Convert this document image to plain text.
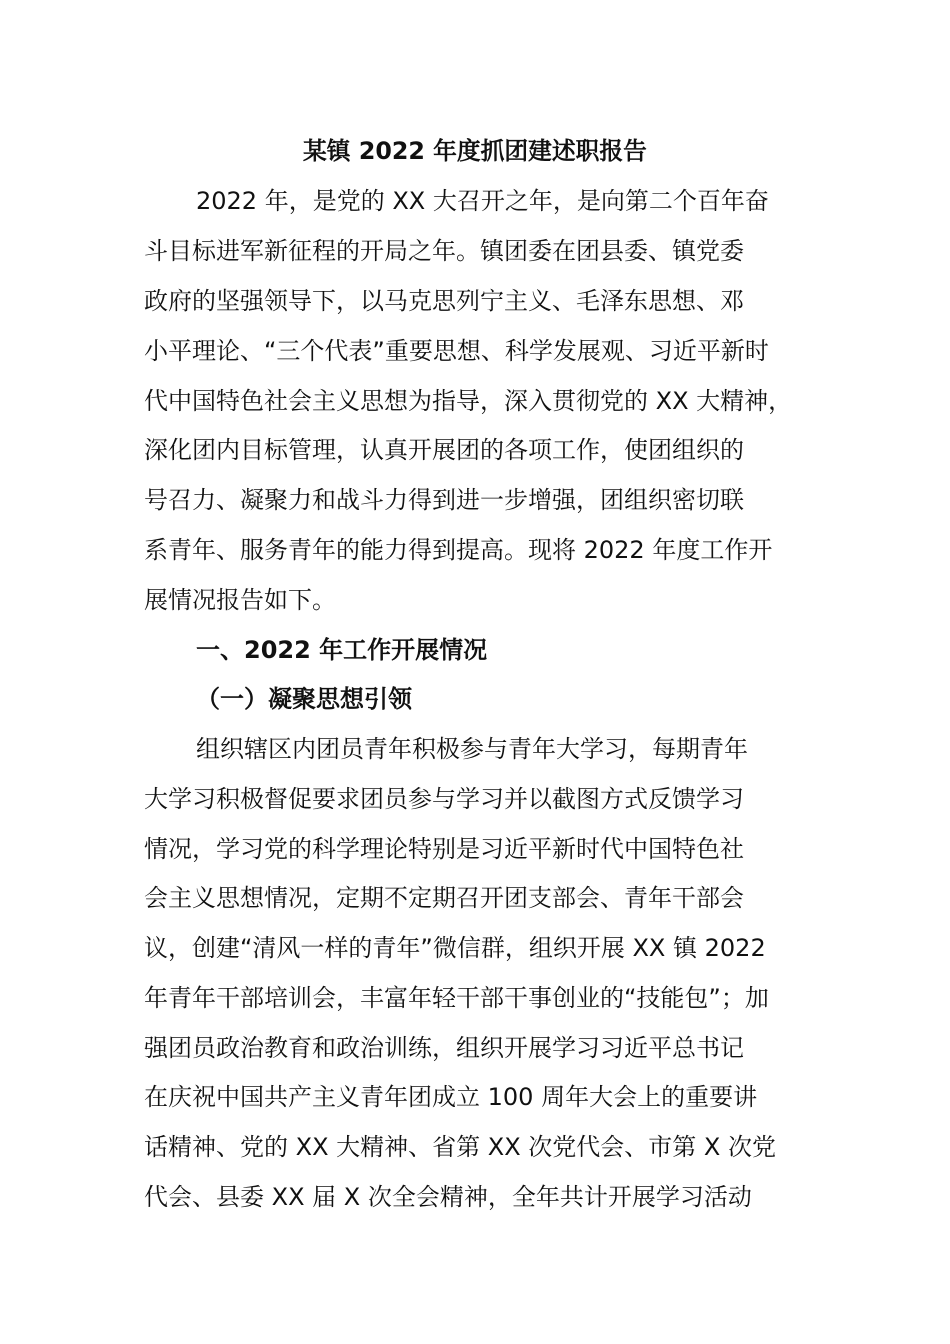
某镇 2022 年度抓团建述职报告
2022 年，是党的 XX 大召开之年，是向第二个百年奋
斗目标进军新征程的开局之年。镇团委在团县委、镇党委
政府的坚强领导下，以马克思列宁主义、毛泽东思想、邓
小平理论、“三个代表”重要思想、科学发展观、习近平新时
代中国特色社会主义思想为指导，深入贯彻党的 XX 大精神，
深化团内目标管理，认真开展团的各项工作，使团组织的
号召力、凝聚力和战斗力得到进一步增强，团组织密切联
系青年、服务青年的能力得到提高。现将 2022 年度工作开
展情况报告如下。
一、2022 年工作开展情况
（一）凝聚思想引领
组织辖区内团员青年积极参与青年大学习，每期青年
大学习积极督促要求团员参与学习并以截图方式反馈学习
情况，学习党的科学理论特别是习近平新时代中国特色社
会主义思想情况，定期不定期召开团支部会、青年干部会
议，创建“清风一样的青年”微信群，组织开展 XX 镇 2022
年青年干部培训会，丰富年轻干部干事创业的“技能包”；加
强团员政治教育和政治训练，组织开展学习习近平总书记
在庆祝中国共产主义青年团成立 100 周年大会上的重要讲
话精神、党的 XX 大精神、省第 XX 次党代会、市第 X 次党
代会、县委 XX 届 X 次全会精神，全年共计开展学习活动
